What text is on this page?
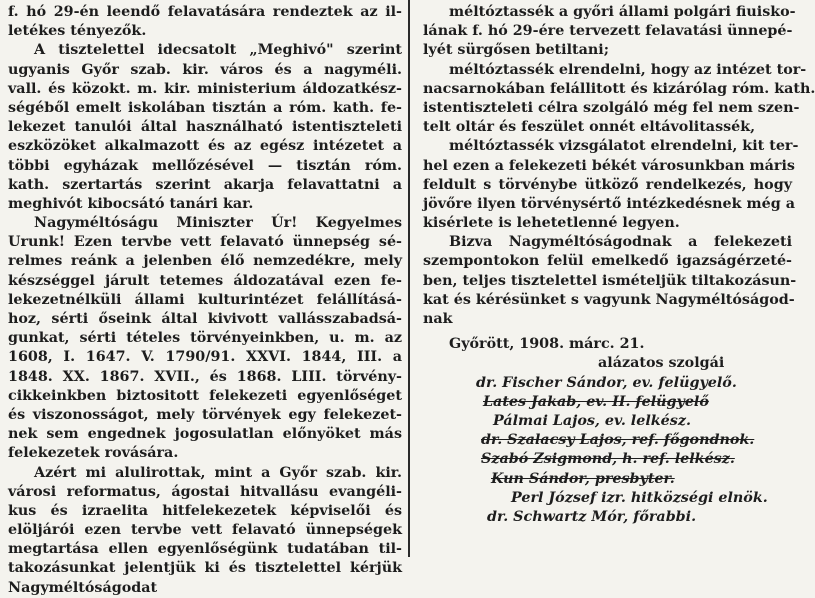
f. hó 29-én leendő felavatására rendeztek az il-
letékes tényezők.
A tisztelettel idecsatolt „Meghivó" szerint
ugyanis Győr szab. kir. város és a nagyméli.
vall. és közokt. m. kir. ministerium áldozatkész-
ségéből emelt iskolában tisztán a róm. kath. fe-
lekezet tanulói által használható istentiszteleti
eszközöket alkalmazott és az egész intézetet a
többi egyházak mellőzésével — tisztán róm.
kath. szertartás szerint akarja felavattatni a
meghivót kibocsátó tanári kar.
Nagyméltóságu Miniszter Úr! Kegyelmes
Urunk! Ezen tervbe vett felavató ünnepség sé-
relmes reánk a jelenben élő nemzedékre, mely
készséggel járult tetemes áldozatával ezen fe-
lekezetnélküli állami kulturintézet felállításá-
hoz, sérti őseink által kivivott vallásszabadsá-
gunkat, sérti tételes törvényeinkben, u. m. az
1608, I. 1647. V. 1790/91. XXVI. 1844, III. a
1848. XX. 1867. XVII., és 1868. LIII. törvény-
cikkeinkben biztositott felekezeti egyenlőséget
és viszonosságot, mely törvények egy felekezet-
nek sem engednek jogosulatlan előnyöket más
felekezetek rovására.
Azért mi alulirottak, mint a Győr szab. kir.
városi reformatus, ágostai hitvallásu evangéli-
kus és izraelita hitfelekezetek képviselői és
elöljárói ezen tervbe vett felavató ünnepségek
megtartása ellen egyenlőségünk tudatában til-
takozásunkat jelentjük ki és tisztelettel kérjük
Nagyméltóságodat
méltóztassék a győri állami polgári fiuisko-
lának f. hó 29-ére tervezett felavatási ünnepé-
lyét sürgősen betiltani;
méltóztassék elrendelni, hogy az intézet tor-
nacsarnokában felállitott és kizárólag róm. kath.
istentiszteleti célra szolgáló még fel nem szen-
telt oltár és feszület onnét eltávolitassék,
méltóztassék vizsgálatot elrendelni, kit ter-
hel ezen a felekezeti békét városunkban máris
feldult s törvénybe ütköző rendelkezés, hogy
jövőre ilyen törvénysértő intézkedésnek még a
kisérlete is lehetetlenné legyen.
Bizva Nagyméltóságodnak a felekezeti
szempontokon felül emelkedő igazságérzeté-
ben, teljes tisztelettel ismételjük tiltakozásun-
kat és kérésünket s vagyunk Nagyméltóságod-
nak
Győrött, 1908. márc. 21.
alázatos szolgái
dr. Fischer Sándor, ev. felügyelő.
Lates Jakab, ev. II. felügyelő
Pálmai Lajos, ev. lelkész.
dr. Szalacsy Lajos, ref. főgondnok.
Szabó Zsigmond, h. ref. lelkész.
Kun Sándor, presbyter.
Perl József izr. hitközségi elnök.
dr. Schwartz Mór, főrabbi.
